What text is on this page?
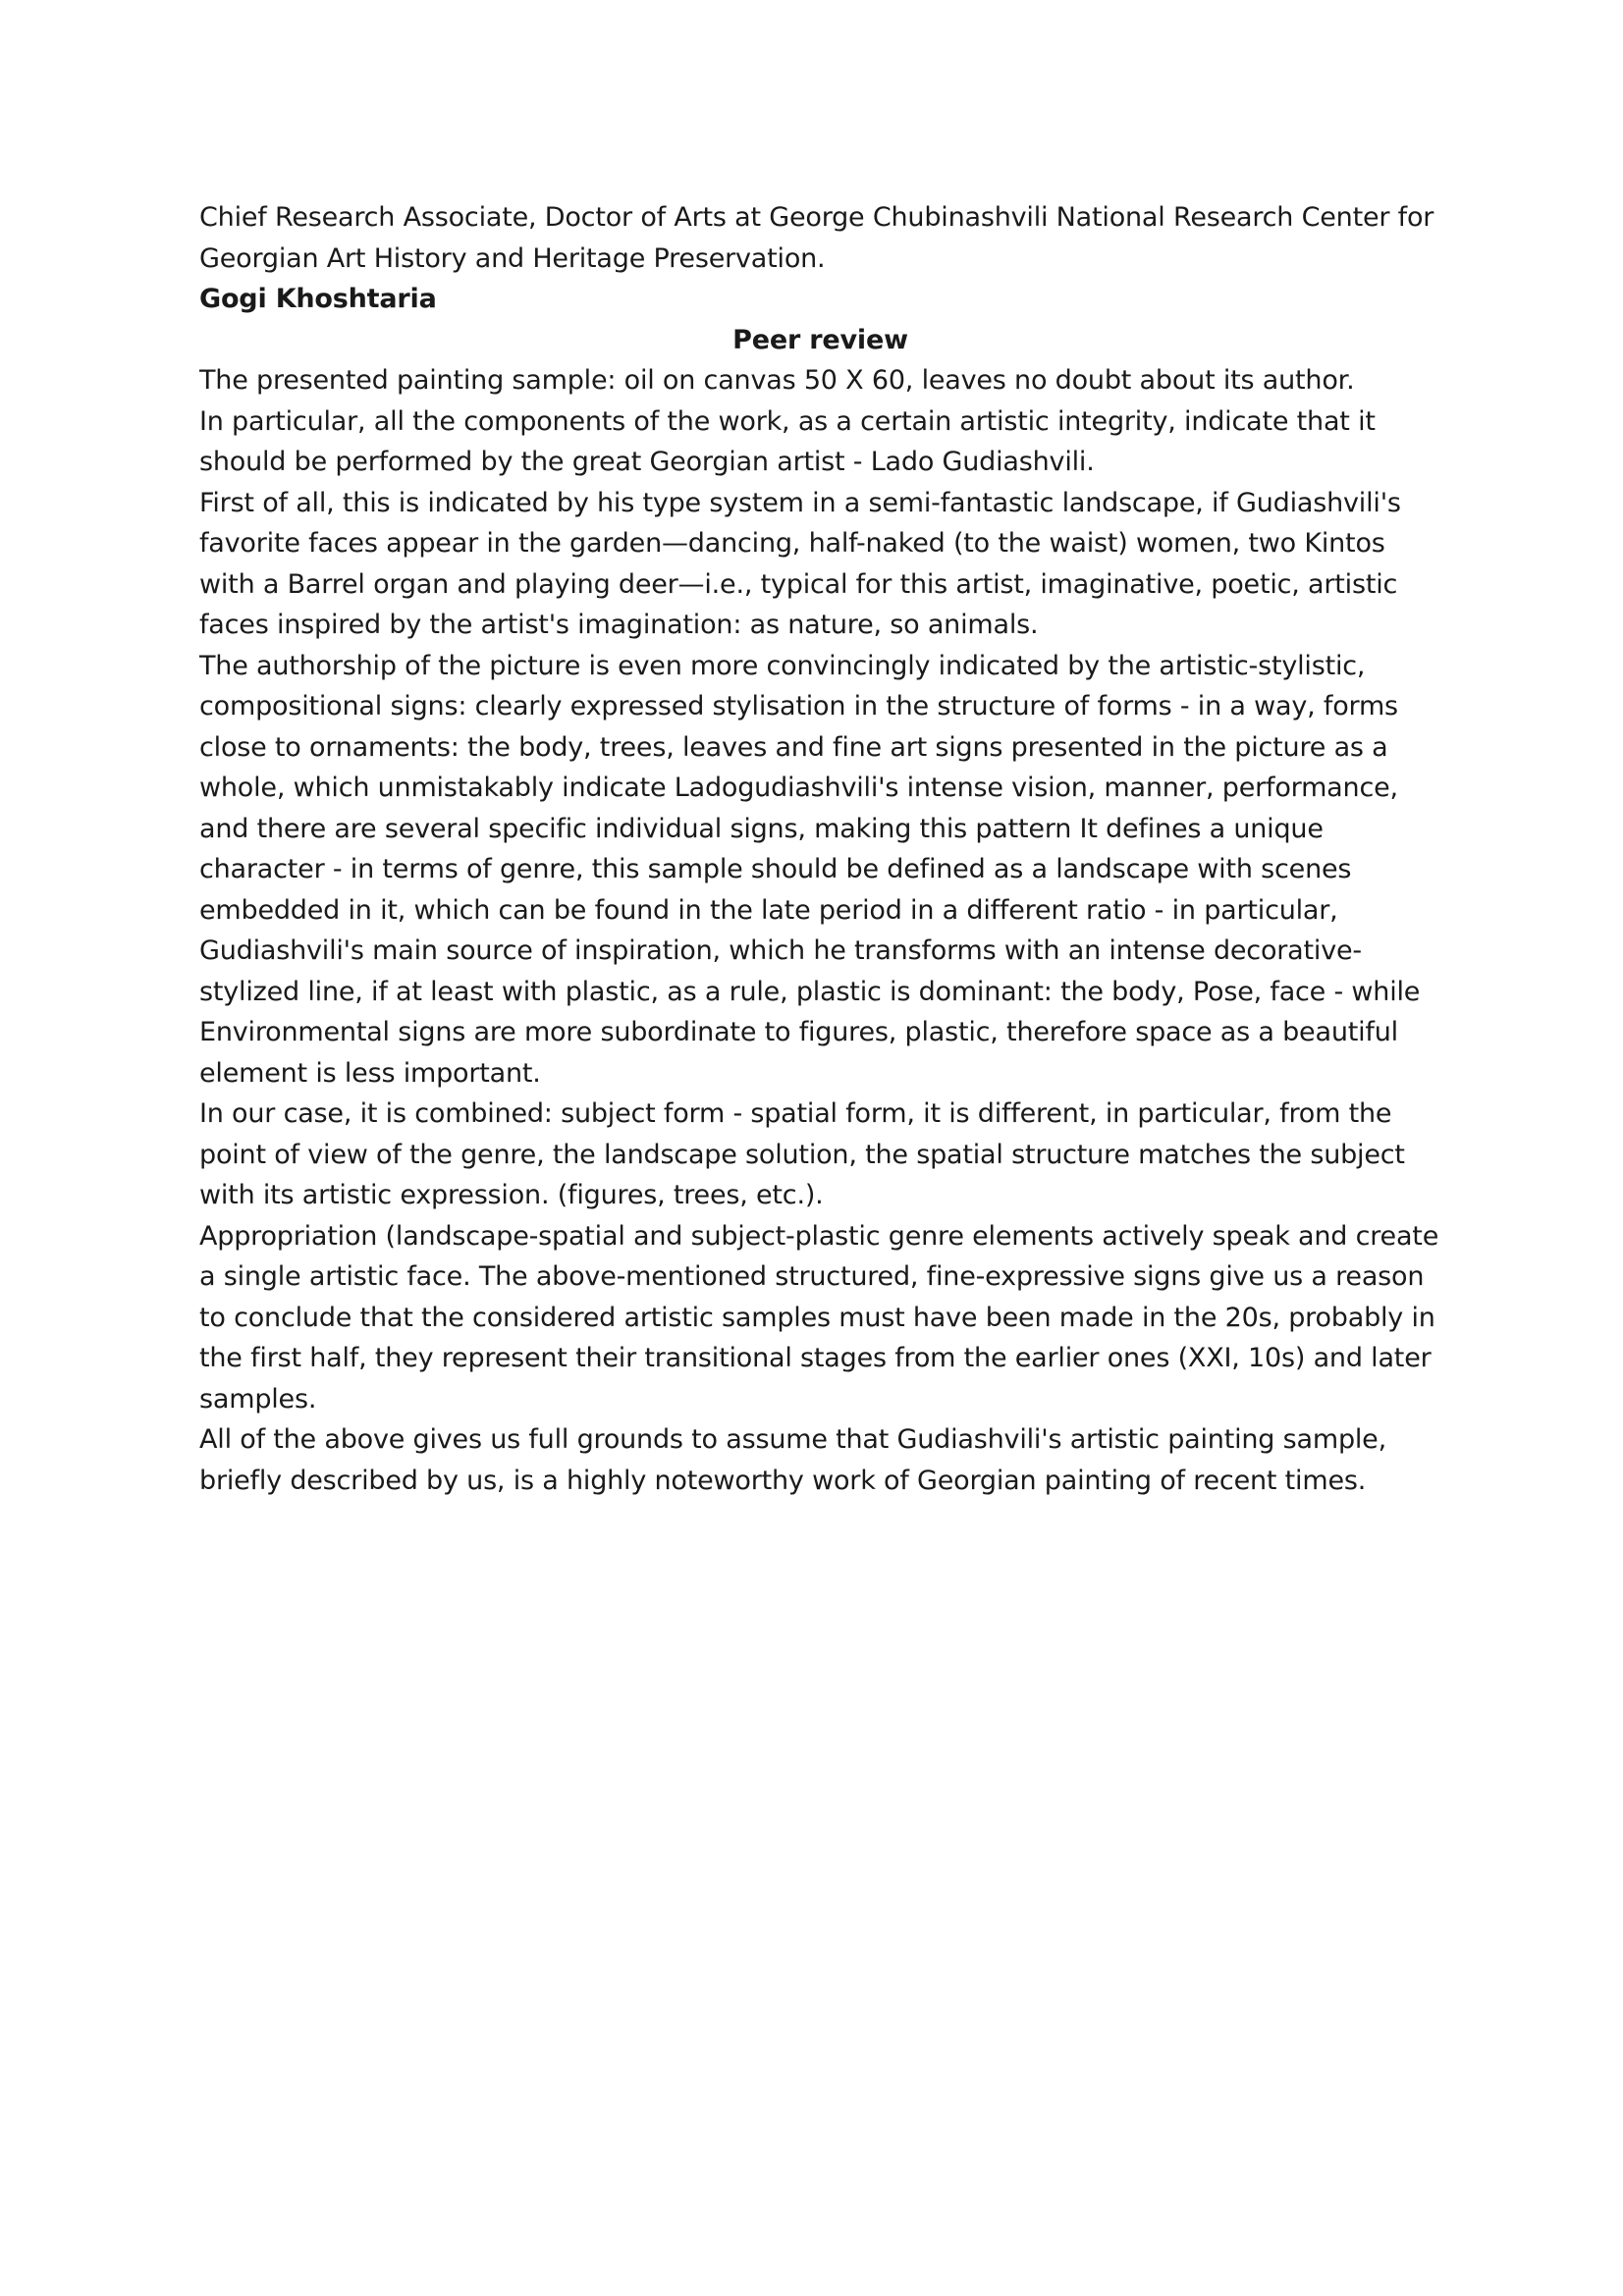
Chief Research Associate, Doctor of Arts at George Chubinashvili National Research Center for Georgian Art History and Heritage Preservation.

Gogi Khoshtaria

Peer review

The presented painting sample: oil on canvas 50 X 60, leaves no doubt about its author.

In particular, all the components of the work, as a certain artistic integrity, indicate that it should be performed by the great Georgian artist - Lado Gudiashvili.

First of all, this is indicated by his type system in a semi-fantastic landscape, if Gudiashvili's favorite faces appear in the garden—dancing, half-naked (to the waist) women, two Kintos with a Barrel organ and playing deer—i.e., typical for this artist, imaginative, poetic, artistic faces inspired by the artist's imagination: as nature, so animals.

The authorship of the picture is even more convincingly indicated by the artistic-stylistic, compositional signs: clearly expressed stylisation in the structure of forms - in a way, forms close to ornaments: the body, trees, leaves and fine art signs presented in the picture as a whole, which unmistakably indicate Ladogudiashvili's intense vision, manner, performance, and there are several specific individual signs, making this pattern It defines a unique character - in terms of genre, this sample should be defined as a landscape with scenes embedded in it, which can be found in the late period in a different ratio - in particular, Gudiashvili's main source of inspiration, which he transforms with an intense decorative-stylized line, if at least with plastic, as a rule, plastic is dominant: the body, Pose, face - while Environmental signs are more subordinate to figures, plastic, therefore space as a beautiful element is less important.

In our case, it is combined: subject form - spatial form, it is different, in particular, from the point of view of the genre, the landscape solution, the spatial structure matches the subject with its artistic expression. (figures, trees, etc.).

Appropriation (landscape-spatial and subject-plastic genre elements actively speak and create a single artistic face. The above-mentioned structured, fine-expressive signs give us a reason to conclude that the considered artistic samples must have been made in the 20s, probably in the first half, they represent their transitional stages from the earlier ones (XXI, 10s) and later samples.

All of the above gives us full grounds to assume that Gudiashvili's artistic painting sample, briefly described by us, is a highly noteworthy work of Georgian painting of recent times.
